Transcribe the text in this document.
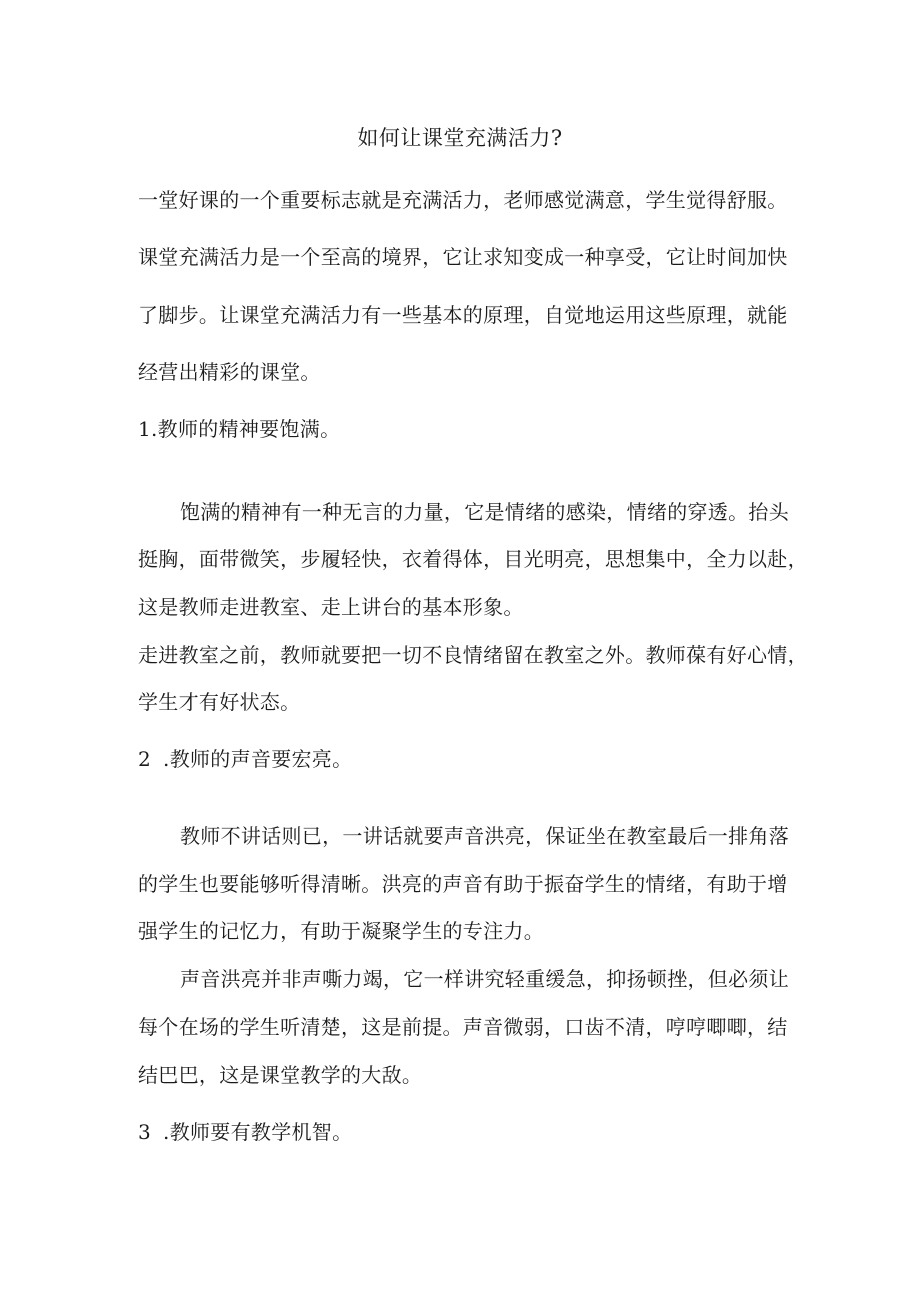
如何让课堂充满活力?
一堂好课的一个重要标志就是充满活力，老师感觉满意，学生觉得舒服。
课堂充满活力是一个至高的境界，它让求知变成一种享受，它让时间加快
了脚步。让课堂充满活力有一些基本的原理，自觉地运用这些原理，就能
经营出精彩的课堂。
1.教师的精神要饱满。
饱满的精神有一种无言的力量，它是情绪的感染，情绪的穿透。抬头
挺胸，面带微笑，步履轻快，衣着得体，目光明亮，思想集中，全力以赴，
这是教师走进教室、走上讲台的基本形象。
走进教室之前，教师就要把一切不良情绪留在教室之外。教师葆有好心情，
学生才有好状态。
2 .教师的声音要宏亮。
教师不讲话则已，一讲话就要声音洪亮，保证坐在教室最后一排角落
的学生也要能够听得清晰。洪亮的声音有助于振奋学生的情绪，有助于增
强学生的记忆力，有助于凝聚学生的专注力。
声音洪亮并非声嘶力竭，它一样讲究轻重缓急，抑扬顿挫，但必须让
每个在场的学生听清楚，这是前提。声音微弱，口齿不清，哼哼唧唧，结
结巴巴，这是课堂教学的大敌。
3 .教师要有教学机智。
